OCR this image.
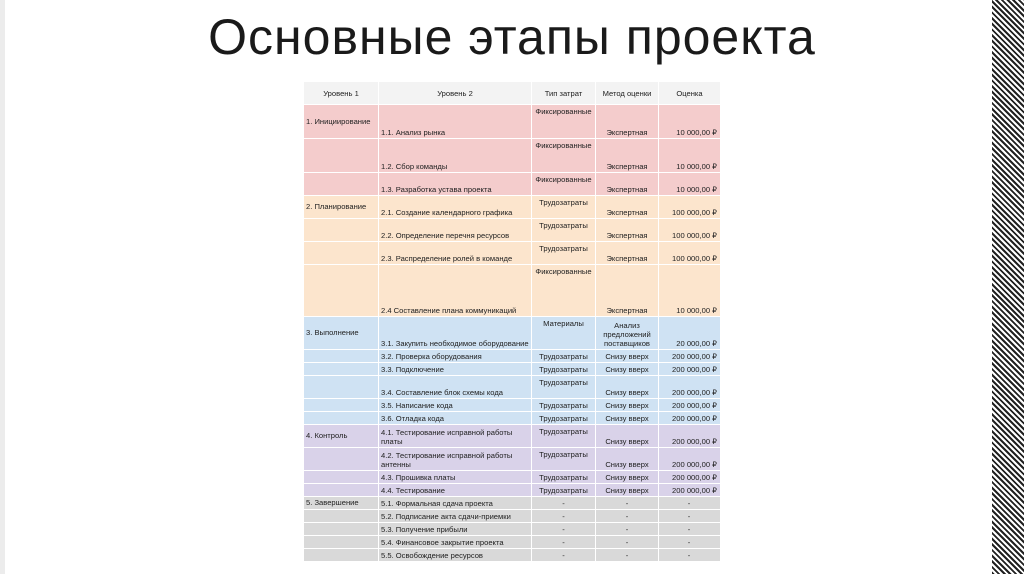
Основные этапы проекта
Уровень 1	Уровень 2	Тип затрат	Метод оценки	Оценка
1. Инициирование	1.1. Анализ рынка	Фиксированные	Экспертная	10 000,00 ₽
	1.2. Сбор команды	Фиксированные	Экспертная	10 000,00 ₽
	1.3. Разработка устава проекта	Фиксированные	Экспертная	10 000,00 ₽
2. Планирование	2.1. Создание календарного графика	Трудозатраты	Экспертная	100 000,00 ₽
	2.2. Определение перечня ресурсов	Трудозатраты	Экспертная	100 000,00 ₽
	2.3. Распределение ролей в команде	Трудозатраты	Экспертная	100 000,00 ₽
	2.4 Составление плана коммуникаций	Фиксированные	Экспертная	10 000,00 ₽
3. Выполнение	3.1. Закупить необходимое оборудование	Материалы	Анализ предложений поставщиков	20 000,00 ₽
	3.2. Проверка оборудования	Трудозатраты	Снизу вверх	200 000,00 ₽
	3.3. Подключение	Трудозатраты	Снизу вверх	200 000,00 ₽
	3.4. Составление блок схемы кода	Трудозатраты	Снизу вверх	200 000,00 ₽
	3.5. Написание кода	Трудозатраты	Снизу вверх	200 000,00 ₽
	3.6. Отладка кода	Трудозатраты	Снизу вверх	200 000,00 ₽
4. Контроль	4.1. Тестирование исправной работы платы	Трудозатраты	Снизу вверх	200 000,00 ₽
	4.2. Тестирование исправной работы антенны	Трудозатраты	Снизу вверх	200 000,00 ₽
	4.3. Прошивка платы	Трудозатраты	Снизу вверх	200 000,00 ₽
	4.4. Тестирование	Трудозатраты	Снизу вверх	200 000,00 ₽
5. Завершение	5.1. Формальная сдача проекта	-	-	-
	5.2. Подписание акта сдачи-приемки	-	-	-
	5.3. Получение прибыли	-	-	-
	5.4. Финансовое закрытие проекта	-	-	-
	5.5. Освобождение ресурсов	-	-	-
